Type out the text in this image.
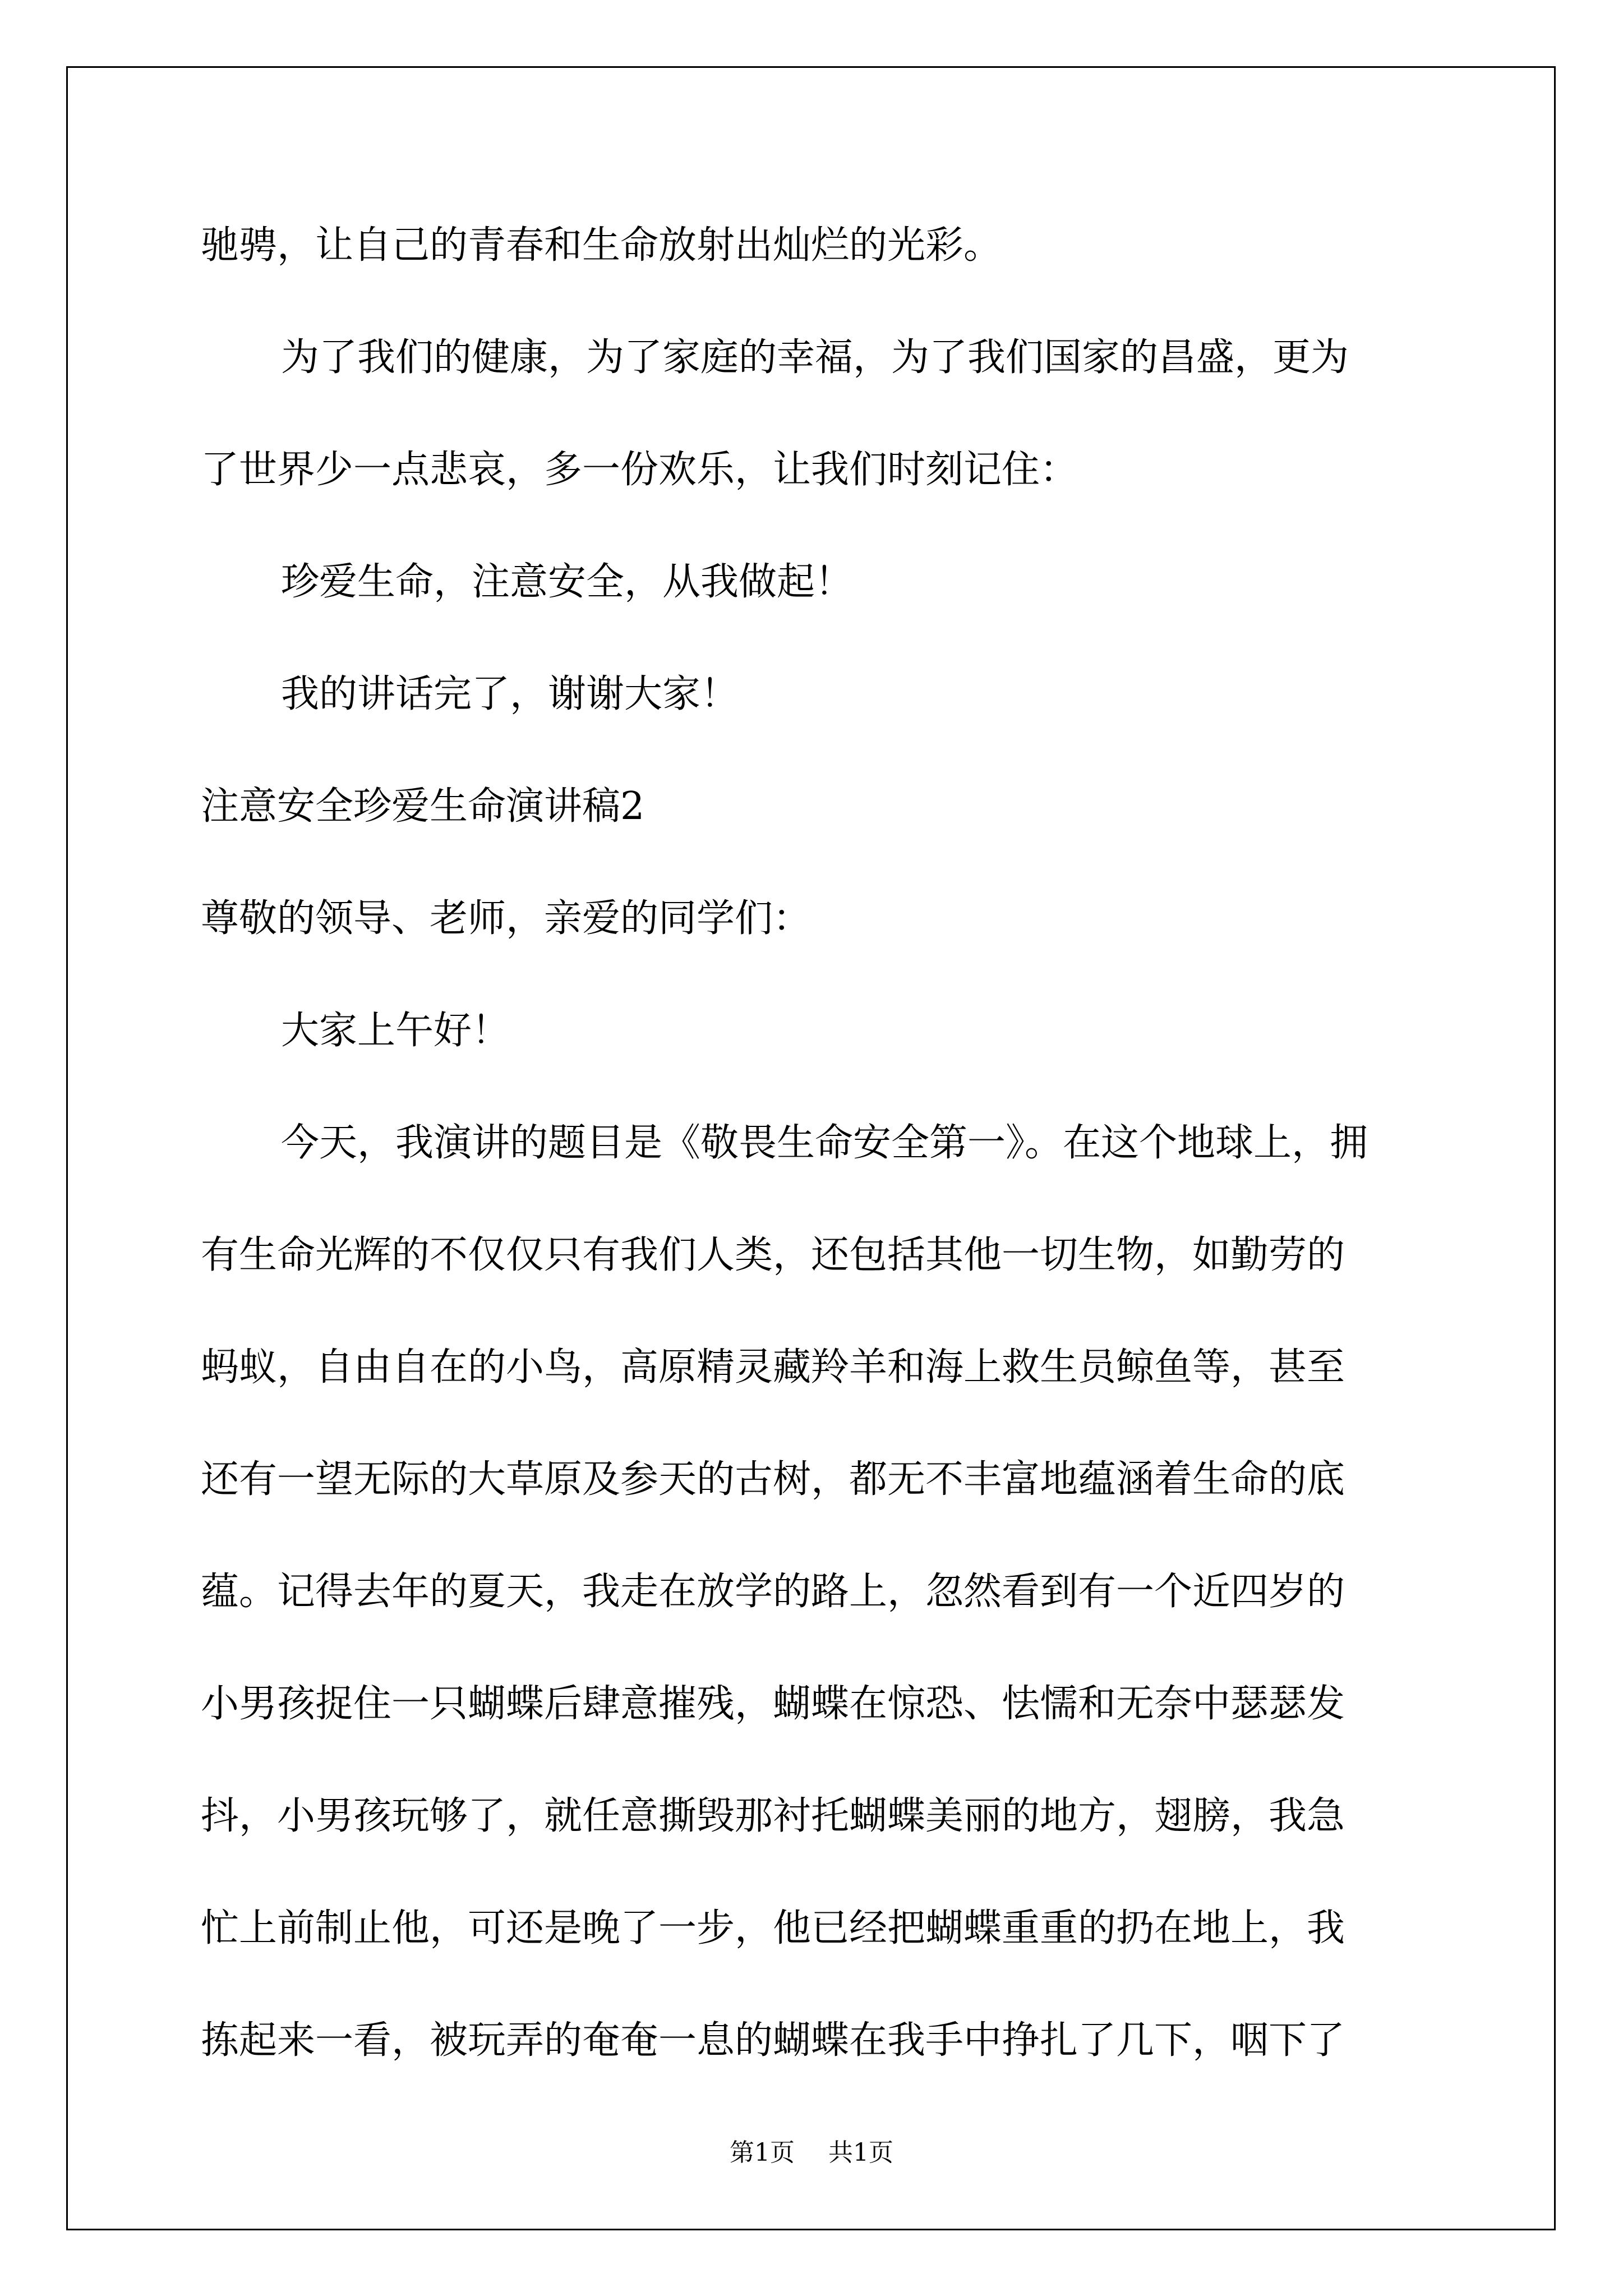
驰骋，让自己的青春和生命放射出灿烂的光彩。
为了我们的健康，为了家庭的幸福，为了我们国家的昌盛，更为
了世界少一点悲哀，多一份欢乐，让我们时刻记住：
珍爱生命，注意安全，从我做起！
我的讲话完了，谢谢大家！
注意安全珍爱生命演讲稿2
尊敬的领导、老师，亲爱的同学们：
大家上午好！
今天，我演讲的题目是《敬畏生命安全第一》。在这个地球上，拥
有生命光辉的不仅仅只有我们人类，还包括其他一切生物，如勤劳的
蚂蚁，自由自在的小鸟，高原精灵藏羚羊和海上救生员鲸鱼等，甚至
还有一望无际的大草原及参天的古树，都无不丰富地蕴涵着生命的底
蕴。记得去年的夏天，我走在放学的路上，忽然看到有一个近四岁的
小男孩捉住一只蝴蝶后肆意摧残，蝴蝶在惊恐、怯懦和无奈中瑟瑟发
抖，小男孩玩够了，就任意撕毁那衬托蝴蝶美丽的地方，翅膀，我急
忙上前制止他，可还是晚了一步，他已经把蝴蝶重重的扔在地上，我
拣起来一看，被玩弄的奄奄一息的蝴蝶在我手中挣扎了几下，咽下了
第1页 共1页
